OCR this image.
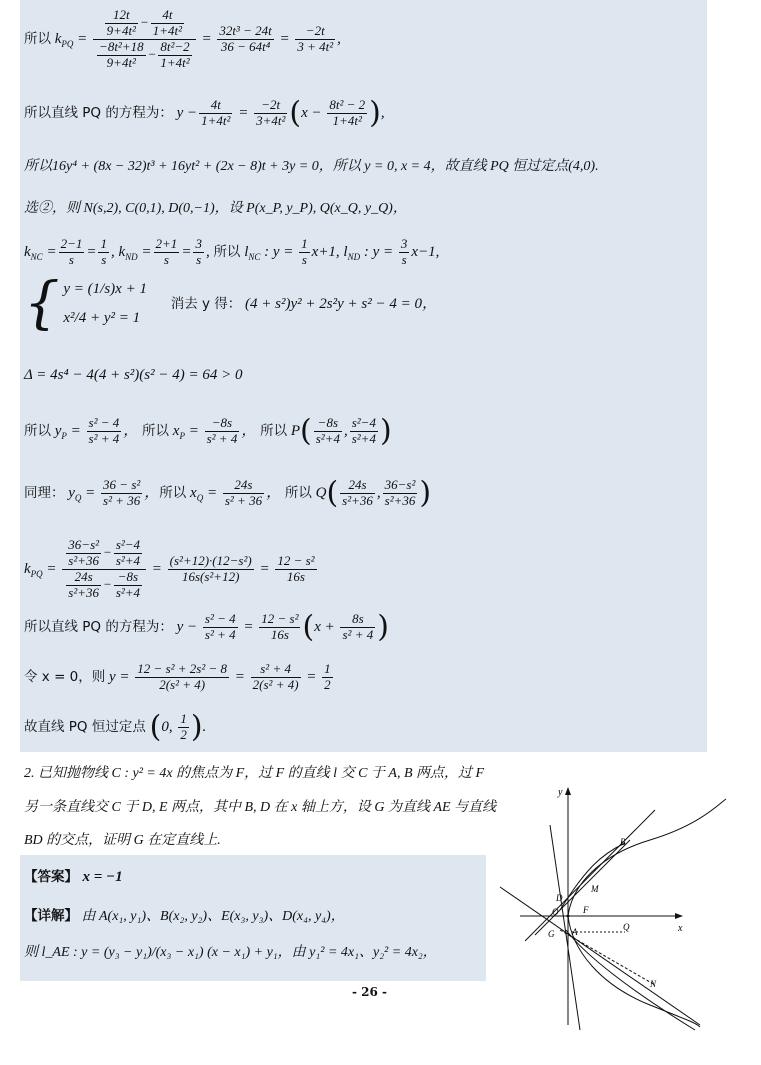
所以 $k_{PQ} = \frac{\frac{12t}{\text{9+4t²}} - \frac{4t}{\text{1+4t²}}}{\frac{\text{−8t²+18}}{\text{9+4t²}} - \frac{\text{8t²−2}}{\text{1+4t²}}} = \frac{\text{32t³ − 24t}}{\text{36 − 64t⁴}} = \frac{-2t}{\text{3 + 4t²}}$ ,
所以直线 PQ 的方程为： $y - \frac{4t}{\text{1+4t²}} = \frac{-2t}{\text{3+4t²}} (x - \frac{\text{8t² − 2}}{\text{1+4t²}}$ ),
所以16y⁴ + (8x − 32)t³ + 16yt² + (2x − 8)t + 3y = 0，所以 y = 0, x = 4，故直线 PQ 恒过定点(4,0).
选②，则 N(s,2), C(0,1), D(0,−1)，设 P(x_P, y_P), Q(x_Q, y_Q)，
$k_{NC} = \frac{2-1}{s} = \frac{1}{s}$ , $k_{ND} = \frac{2+1}{s} = \frac{3}{s}$ , 所以 $l_{NC}$ : $y = \frac{1}{s} x+1$, $l_{ND}$ : $y = \frac{3}{s} x-1$,
{ y = (1/s)x + 1
x²/4 + y² = 1
消去 y 得： (4 + s²)y² + 2s²y + s² − 4 = 0，
Δ = 4s⁴ − 4(4 + s²)(s² − 4) = 64 > 0
所以 $y_P = \frac{\text{s² − 4}}{\text{s² + 4}}$ ， 所以 $x_P = \frac{-8s}{\text{s² + 4}}$ ， 所以 $P( \frac{-8s}{\text{s²+4}}$ , $\frac{\text{s²−4}}{\text{s²+4}}$ )
同理： $y_Q = \frac{\text{36 − s²}}{\text{s² + 36}}$ ，所以 $x_Q = \frac{24s}{\text{s² + 36}}$ ， 所以 $Q( \frac{24s}{\text{s²+36}}$ , $\frac{\text{36−s²}}{\text{s²+36}}$ )
$k_{PQ} = \frac{\frac{\text{36−s²}}{\text{s²+36}} - \frac{\text{s²−4}}{\text{s²+4}}}{\frac{24s}{\text{s²+36}} - \frac{-8s}{\text{s²+4}}} = \frac{\text{(s²+12)·(12−s²)}}{\text{16s(s²+12)}} = \frac{\text{12 − s²}}{16s}$
所以直线 PQ 的方程为： $y - \frac{\text{s² − 4}}{\text{s² + 4}} = \frac{\text{12 − s²}}{16s} (x + \frac{8s}{\text{s² + 4}}$ )
令 x = 0，则 $y = \frac{\text{12 − s² + 2s² − 8}}{\text{2(s² + 4)}} = \frac{\text{s² + 4}}{\text{2(s² + 4)}} = \frac{1}{2}$
故直线 PQ 恒过定点 (0, $\frac{1}{2}$ ).
2. 已知抛物线 C : y² = 4x 的焦点为 F，过 F 的直线 l 交 C 于 A, B 两点，过 F
另一条直线交 C 于 D, E 两点，其中 B, D 在 x 轴上方，设 G 为直线 AE 与直线
BD 的交点，证明 G 在定直线上.
【答案】 x = −1
【详解】 由 A(x₁, y₁)、B(x₂, y₂)、E(x₃, y₃)、D(x₄, y₄)，
则 l_AE : y = (y₃ − y₁)/(x₃ − x₁) (x − x₁) + y₁，由 y₁² = 4x₁、y₂² = 4x₂，
y
x
B
D
M
O	F
G A	Q
N
- 26 -
